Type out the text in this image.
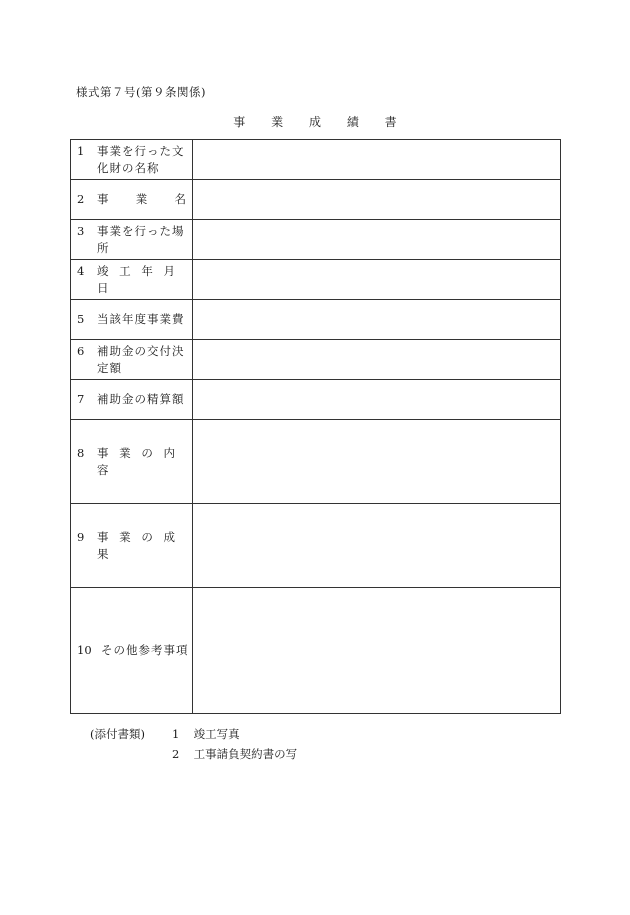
様式第７号(第９条関係)
事 業 成 績 書
1 事業を行った文
化財の名称	

2 事 業 名	

3 事業を行った場
所	

4 竣 工 年 月 日	

5 当該年度事業費	

6 補助金の交付決
定額	

7 補助金の精算額	

8 事 業 の 内 容	

9 事 業 の 成 果	

10 その他参考事項	

(添付書類) 1 竣工写真
2 工事請負契約書の写
